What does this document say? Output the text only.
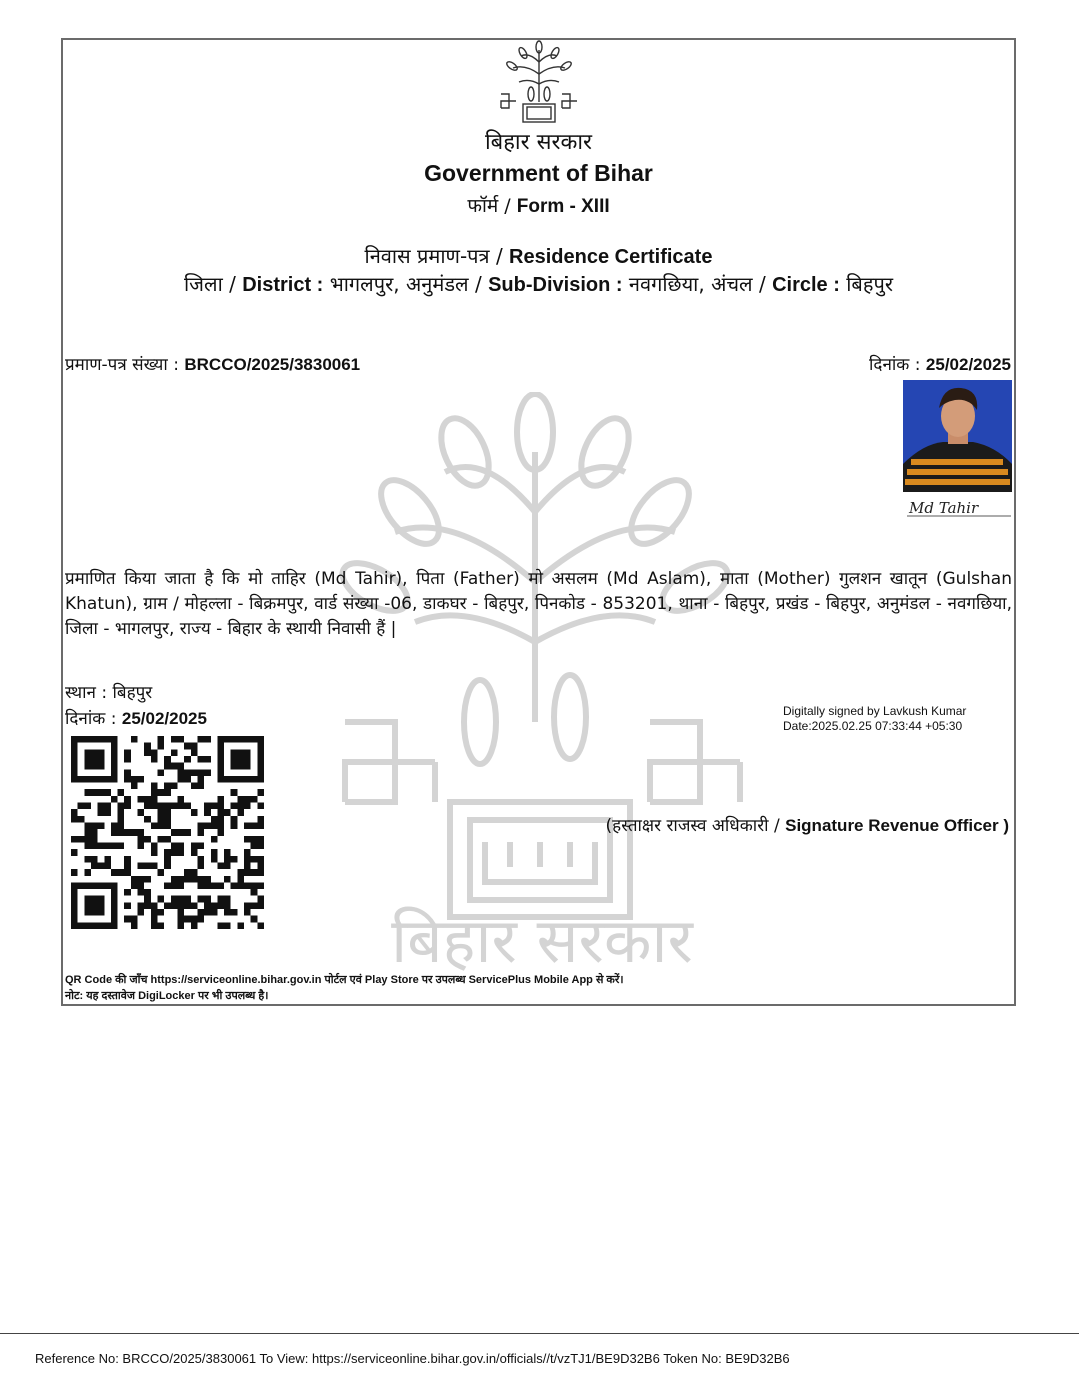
बिहार सरकार
बिहार सरकार
Government of Bihar
फॉर्म / Form - XIII
निवास प्रमाण-पत्र / Residence Certificate
जिला / District : भागलपुर, अनुमंडल / Sub-Division : नवगछिया, अंचल / Circle : बिहपुर
प्रमाण-पत्र संख्या : BRCCO/2025/3830061	दिनांक : 25/02/2025
Md Tahir
प्रमाणित किया जाता है कि मो ताहिर (Md Tahir), पिता (Father) मो असलम (Md Aslam), माता (Mother) गुलशन खातून (Gulshan Khatun), ग्राम / मोहल्ला - बिक्रमपुर, वार्ड संख्या -06, डाकघर - बिहपुर, पिनकोड - 853201, थाना - बिहपुर, प्रखंड - बिहपुर, अनुमंडल - नवगछिया, जिला - भागलपुर, राज्य - बिहार के स्थायी निवासी हैं |
स्थान : बिहपुर
दिनांक : 25/02/2025	Digitally signed by Lavkush Kumar
Date:2025.02.25 07:33:44 +05:30
(हस्ताक्षर राजस्व अधिकारी / Signature Revenue Officer )
QR Code की जाँच https://serviceonline.bihar.gov.in पोर्टल एवं Play Store पर उपलब्ध ServicePlus Mobile App से करें।
नोट: यह दस्तावेज DigiLocker पर भी उपलब्ध है।
Reference No: BRCCO/2025/3830061 To View: https://serviceonline.bihar.gov.in/officials//t/vzTJ1/BE9D32B6 Token No: BE9D32B6
